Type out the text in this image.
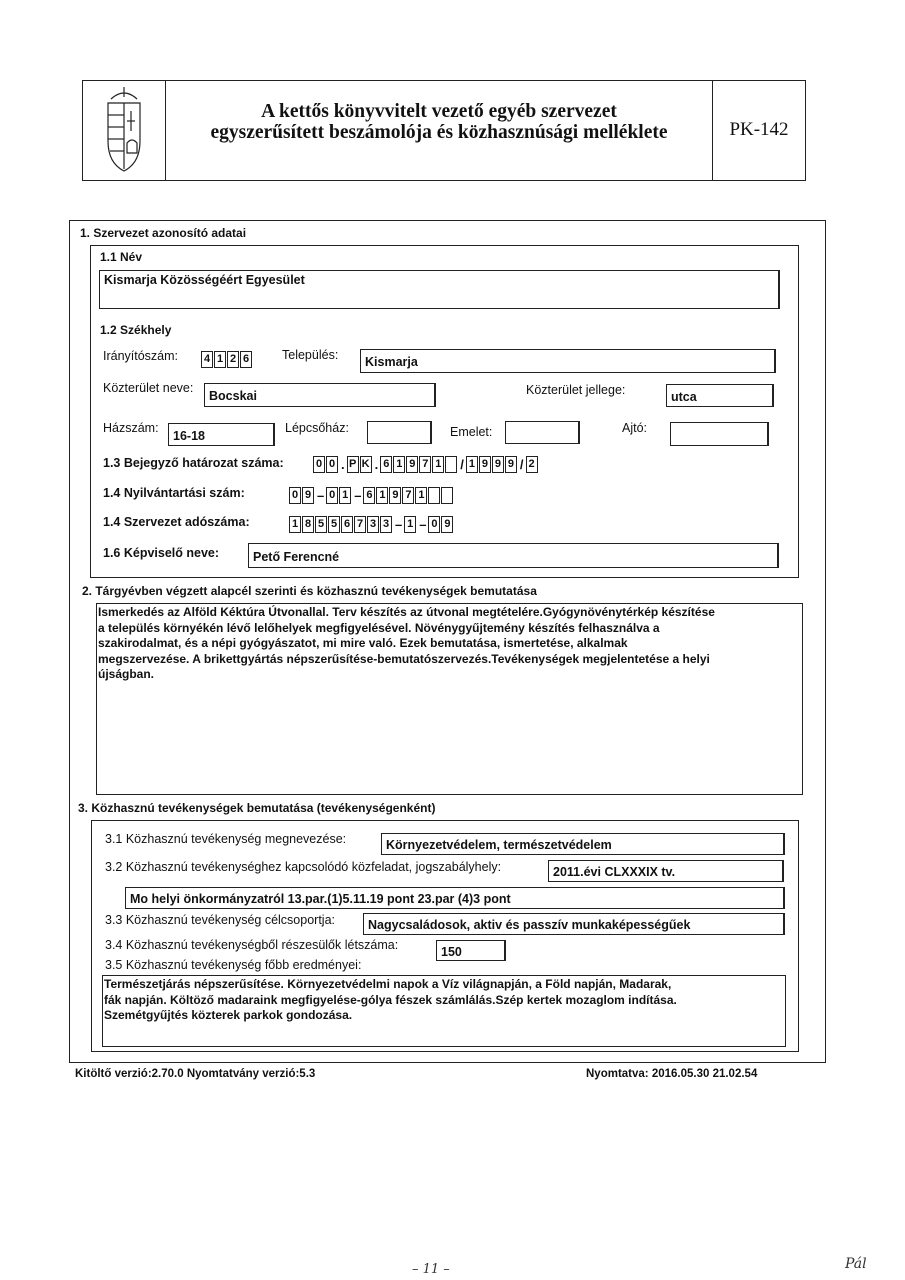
A kettős könyvvitelt vezető egyéb szervezet
egyszerűsített beszámolója és közhasznúsági melléklete	PK-142
1. Szervezet azonosító adatai
1.1 Név
Kismarja Közösségéért Egyesület
1.2 Székhely
Irányítószám: 4 1 2 6	Település:	Kismarja
Közterület neve:
Bocskai	Közterület jellege:	utca
Házszám:
16-18
Lépcsőház:	Emelet:	Ajtó:
1.3 Bejegyző határozat száma:	0 0 . P K . 6 1 9 7 1 / 1 9 9 9 / 2
1.4 Nyilvántartási szám:	0 9 – 0 1 – 6 1 9 7 1
1.4 Szervezet adószáma:	1 8 5 5 6 7 3 3 – 1 – 0 9
1.6 Képviselő neve:	Pető Ferencné
2. Tárgyévben végzett alapcél szerinti és közhasznú tevékenységek bemutatása
Ismerkedés az Alföld Kéktúra Útvonallal. Terv készítés az útvonal megtételére.Gyógynövénytérkép készítése
a település környékén lévő lelőhelyek megfigyelésével. Növénygyűjtemény készítés felhasználva a
szakirodalmat, és a népi gyógyászatot, mi mire való. Ezek bemutatása, ismertetése, alkalmak
megszervezése. A brikettgyártás népszerűsítése-bemutatószervezés.Tevékenységek megjelentetése a helyi
újságban.
3. Közhasznú tevékenységek bemutatása (tevékenységenként)
3.1 Közhasznú tevékenység megnevezése:	Környezetvédelem, természetvédelem
3.2 Közhasznú tevékenységhez kapcsolódó közfeladat, jogszabályhely:	2011.évi CLXXXIX tv.
Mo helyi önkormányzatról 13.par.(1)5.11.19 pont 23.par (4)3 pont
3.3 Közhasznú tevékenység célcsoportja:	Nagycsaládosok, aktiv és passzív munkaképességűek
3.4 Közhasznú tevékenységből részesülők létszáma:	150
3.5 Közhasznú tevékenység főbb eredményei:
Természetjárás népszerűsítése. Környezetvédelmi napok a Víz világnapján, a Föld napján, Madarak,
fák napján. Költöző madaraink megfigyelése-gólya fészek számlálás.Szép kertek mozaglom indítása.
Szemétgyűjtés közterek parkok gondozása.
Kitöltő verzió:2.70.0 Nyomtatvány verzió:5.3	Nyomtatva: 2016.05.30 21.02.54
– 11 –	Pál
